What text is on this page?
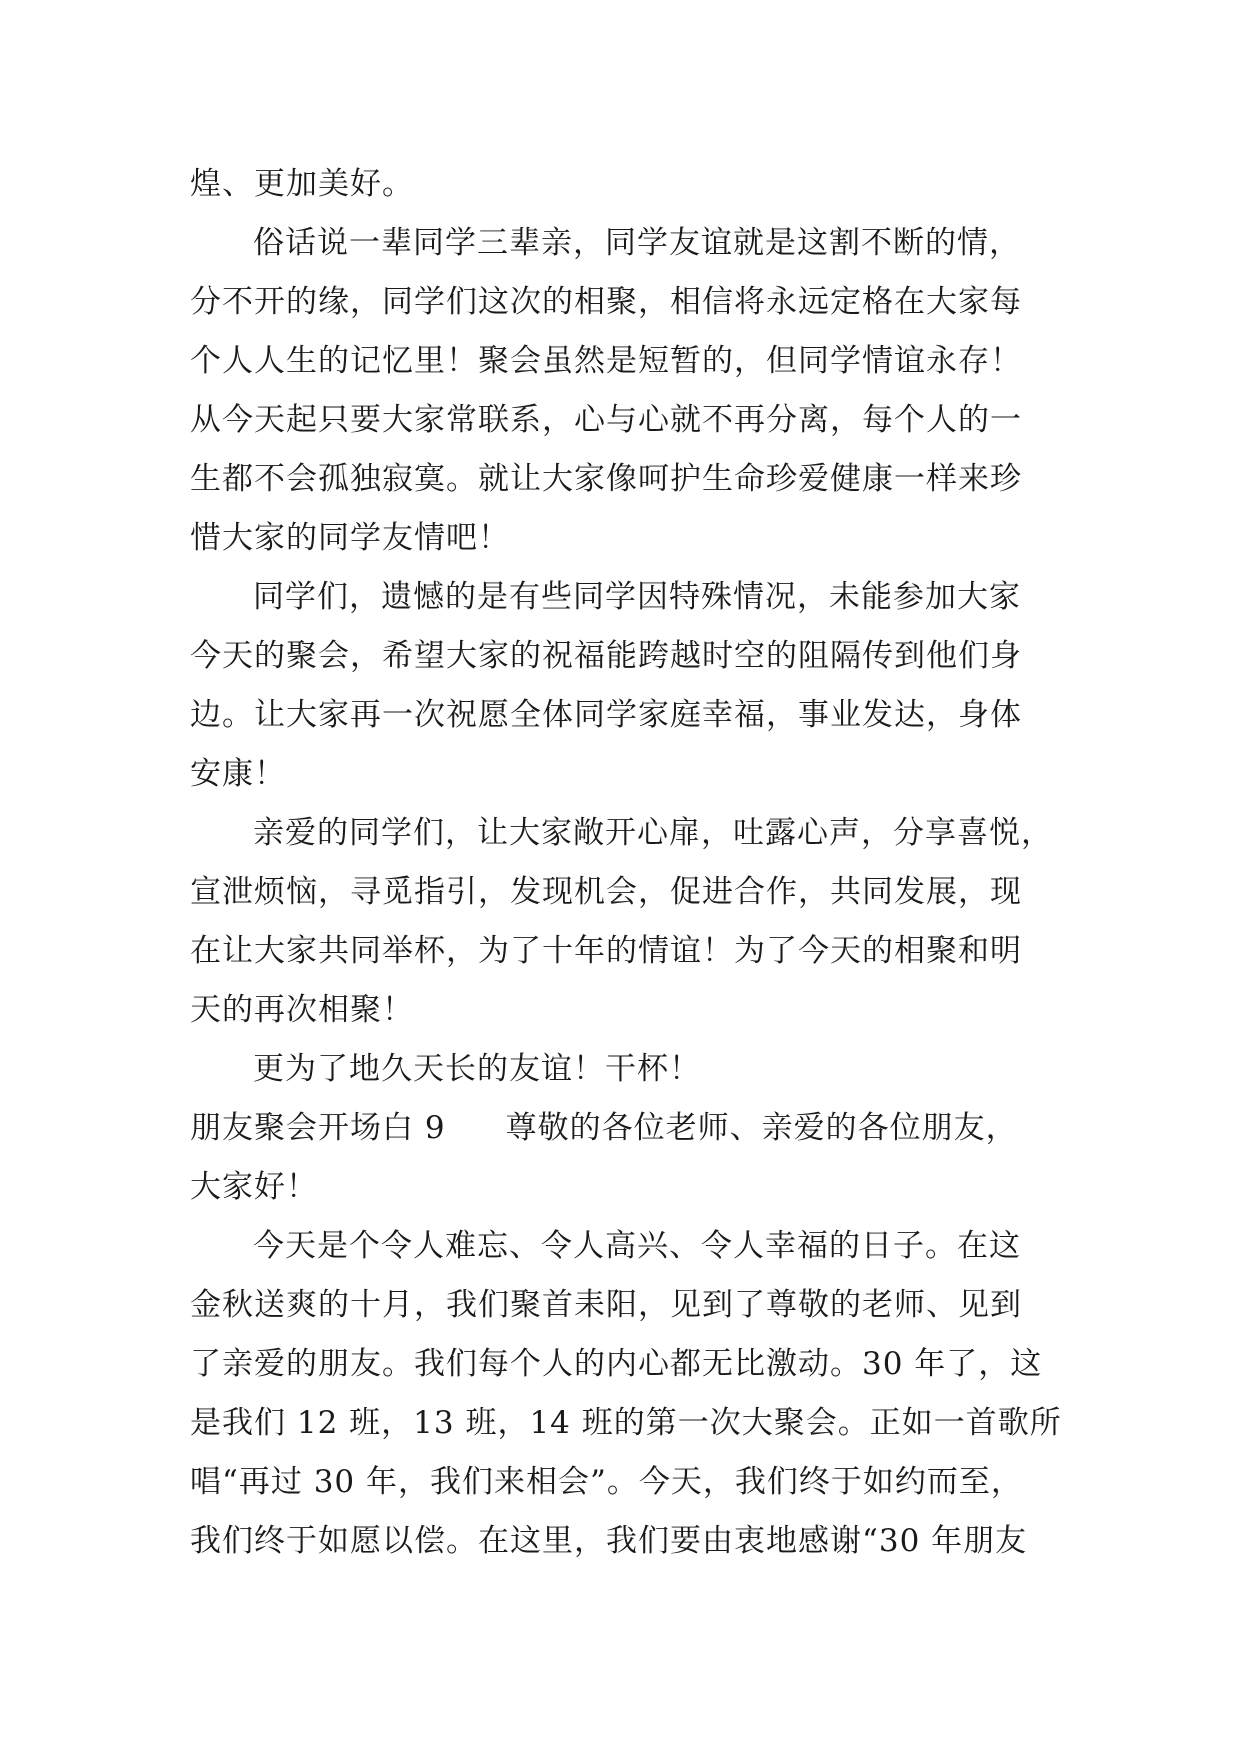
煌、更加美好。
俗话说一辈同学三辈亲，同学友谊就是这割不断的情，
分不开的缘，同学们这次的相聚，相信将永远定格在大家每
个人人生的记忆里！聚会虽然是短暂的，但同学情谊永存！
从今天起只要大家常联系，心与心就不再分离，每个人的一
生都不会孤独寂寞。就让大家像呵护生命珍爱健康一样来珍
惜大家的同学友情吧！
同学们，遗憾的是有些同学因特殊情况，未能参加大家
今天的聚会，希望大家的祝福能跨越时空的阻隔传到他们身
边。让大家再一次祝愿全体同学家庭幸福，事业发达，身体
安康！
亲爱的同学们，让大家敞开心扉，吐露心声，分享喜悦，
宣泄烦恼，寻觅指引，发现机会，促进合作，共同发展，现
在让大家共同举杯，为了十年的情谊！为了今天的相聚和明
天的再次相聚！
更为了地久天长的友谊！干杯！
朋友聚会开场白 9 尊敬的各位老师、亲爱的各位朋友，
大家好！
今天是个令人难忘、令人高兴、令人幸福的日子。在这
金秋送爽的十月，我们聚首耒阳，见到了尊敬的老师、见到
了亲爱的朋友。我们每个人的内心都无比激动。30 年了，这
是我们 12 班，13 班，14 班的第一次大聚会。正如一首歌所
唱“再过 30 年，我们来相会”。今天，我们终于如约而至，
我们终于如愿以偿。在这里，我们要由衷地感谢“30 年朋友
